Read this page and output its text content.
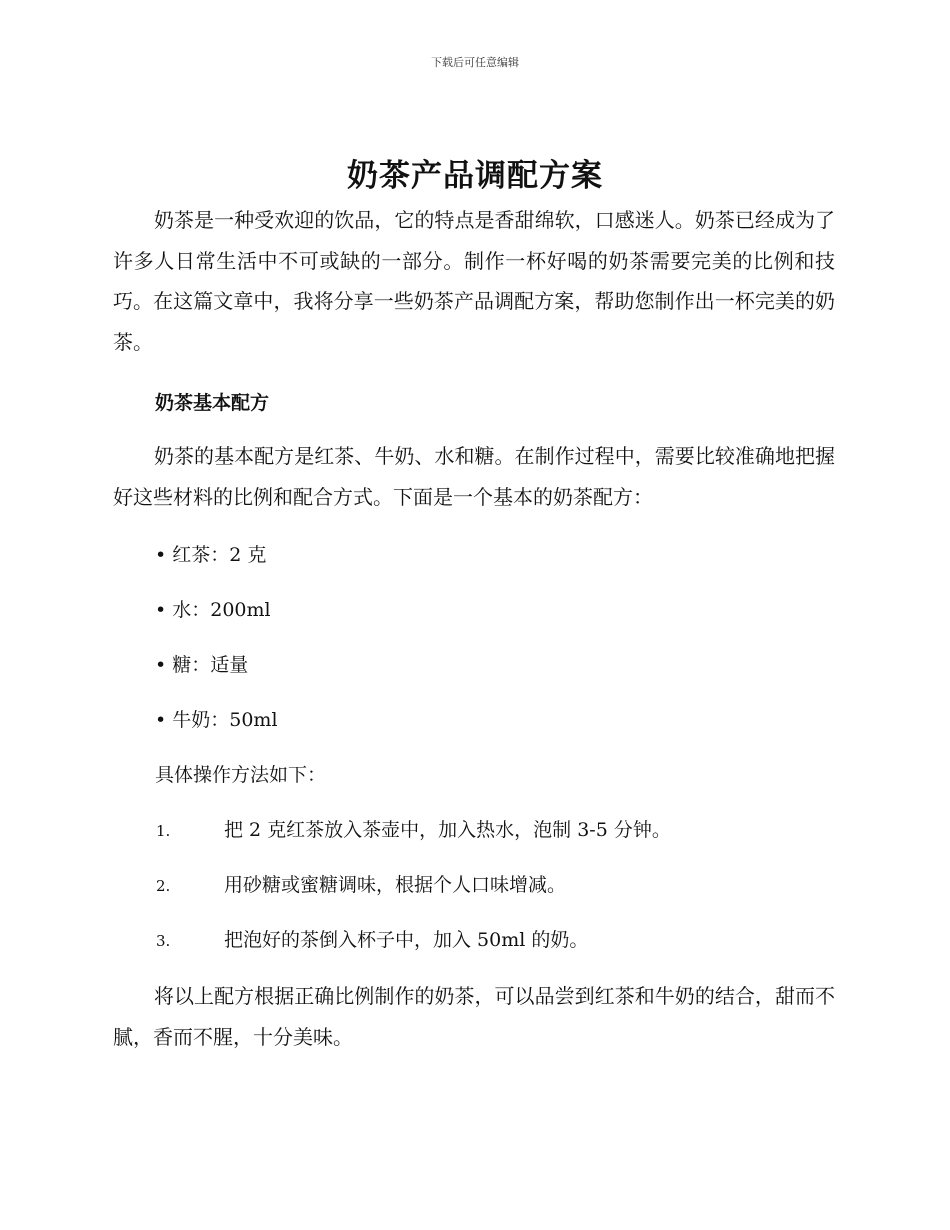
下载后可任意编辑
奶茶产品调配方案

奶茶是一种受欢迎的饮品，它的特点是香甜绵软，口感迷人。奶茶已经成为了许多人日常生活中不可或缺的一部分。制作一杯好喝的奶茶需要完美的比例和技巧。在这篇文章中，我将分享一些奶茶产品调配方案，帮助您制作出一杯完美的奶茶。

奶茶基本配方

奶茶的基本配方是红茶、牛奶、水和糖。在制作过程中，需要比较准确地把握好这些材料的比例和配合方式。下面是一个基本的奶茶配方：

• 红茶：2 克
• 水：200ml
• 糖：适量
• 牛奶：50ml
具体操作方法如下：
1.	把 2 克红茶放入茶壶中，加入热水，泡制 3-5 分钟。
2.	用砂糖或蜜糖调味，根据个人口味增减。
3.	把泡好的茶倒入杯子中，加入 50ml 的奶。

将以上配方根据正确比例制作的奶茶，可以品尝到红茶和牛奶的结合，甜而不腻，香而不腥，十分美味。
